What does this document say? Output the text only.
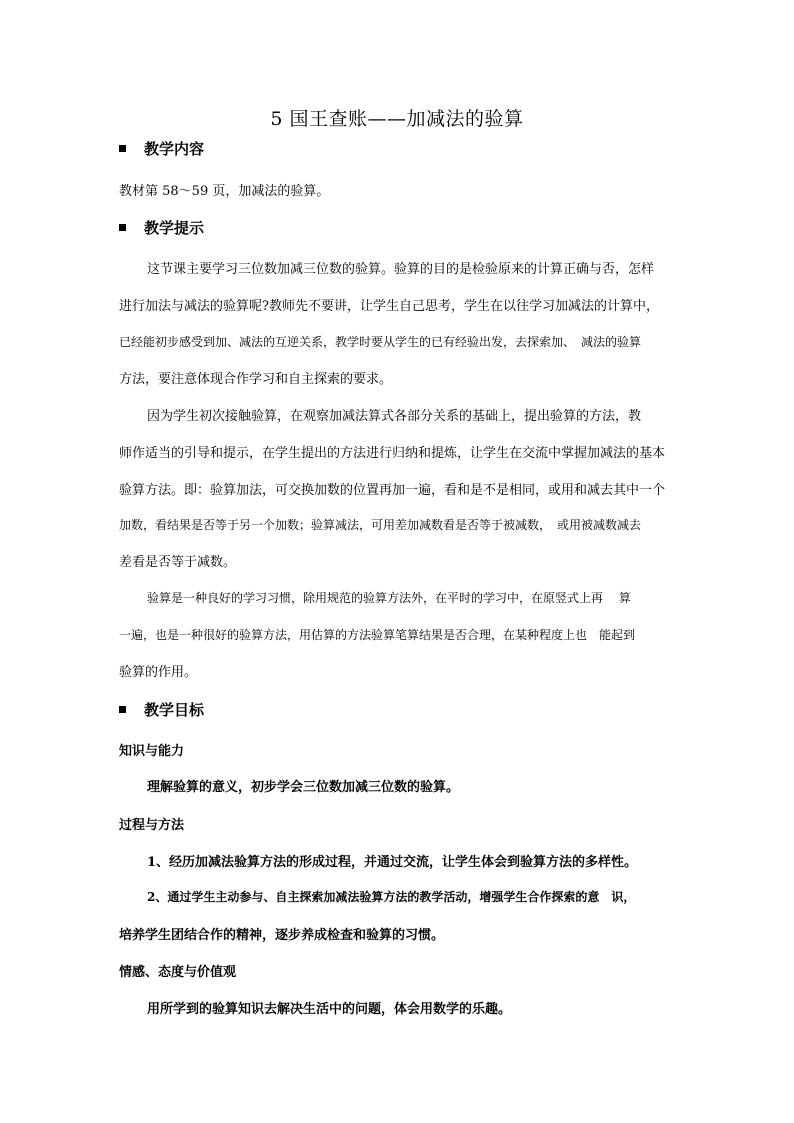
5 国王查账——加减法的验算
教学内容
教材第 58～59 页，加减法的验算。
教学提示
这节课主要学习三位数加减三位数的验算。验算的目的是检验原来的计算正确与否，怎样
进行加法与减法的验算呢?教师先不要讲，让学生自己思考，学生在以往学习加减法的计算中，
已经能初步感受到加、减法的互逆关系，教学时要从学生的已有经验出发，去探索加、　减法的验算
方法，要注意体现合作学习和自主探索的要求。
因为学生初次接触验算，在观察加减法算式各部分关系的基础上，提出验算的方法，教
师作适当的引导和提示，在学生提出的方法进行归纳和提炼，让学生在交流中掌握加减法的基本
验算方法。即：验算加法，可交换加数的位置再加一遍，看和是不是相同，或用和减去其中一个
加数，看结果是否等于另一个加数；验算减法，可用差加减数看是否等于被减数，　或用被减数减去
差看是否等于减数。
验算是一种良好的学习习惯，除用规范的验算方法外，在平时的学习中，在原竖式上再　 算
一遍，也是一种很好的验算方法，用估算的方法验算笔算结果是否合理，在某种程度上也　能起到
验算的作用。
教学目标
知识与能力
理解验算的意义，初步学会三位数加减三位数的验算。
过程与方法
1、经历加减法验算方法的形成过程，并通过交流，让学生体会到验算方法的多样性。
2、通过学生主动参与、自主探索加减法验算方法的教学活动，增强学生合作探索的意　识，
培养学生团结合作的精神，逐步养成检查和验算的习惯。
情感、态度与价值观
用所学到的验算知识去解决生活中的问题，体会用数学的乐趣。
